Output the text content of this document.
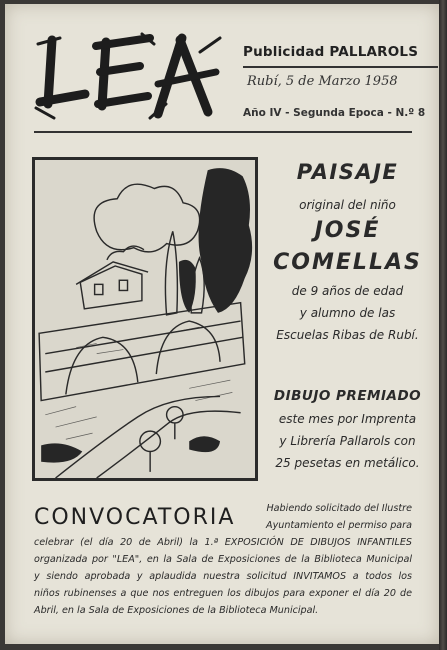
Publicidad PALLAROLS
Rubí, 5 de Marzo 1958
Año IV - Segunda Epoca - N.º 8
PAISAJE
original del niño
JOSÉ
COMELLAS
de 9 años de edad
y alumno de las
Escuelas Ribas de Rubí.
DIBUJO PREMIADO
este mes por Imprenta
y Librería Pallarols con
25 pesetas en metálico.
CONVOCATORIA	Habiendo solicitado del Ilustre
Ayuntamiento el permiso para
celebrar (el día 20 de Abril) la 1.ª EXPOSICIÓN DE DIBUJOS INFANTILES
organizada por "LEA", en la Sala de Exposiciones de la Biblioteca Municipal
y siendo aprobada y aplaudida nuestra solicitud INVITAMOS a todos los
niños rubinenses a que nos entreguen los dibujos para exponer el día 20 de
Abril, en la Sala de Exposiciones de la Biblioteca Municipal.
